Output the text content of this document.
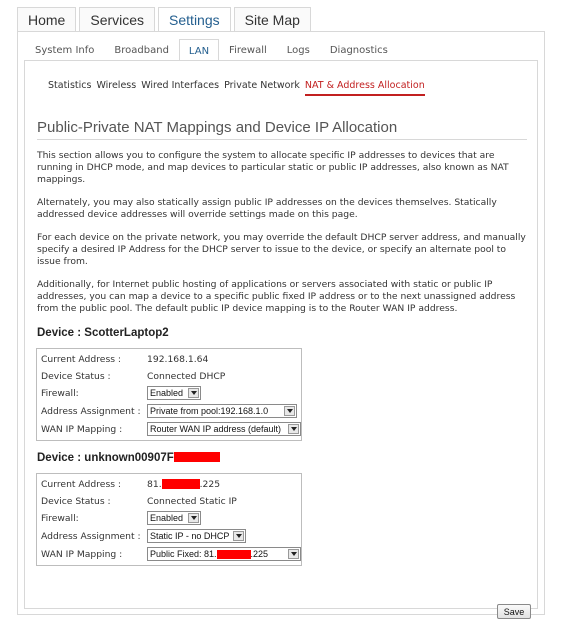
Home	Services	Settings	Site Map
System Info	Broadband	LAN	Firewall	Logs	Diagnostics
Statistics Wireless Wired Interfaces Private Network NAT & Address Allocation
Public-Private NAT Mappings and Device IP Allocation

This section allows you to configure the system to allocate specific IP addresses to devices that are running in DHCP mode, and map devices to particular static or public IP addresses, also known as NAT mappings.

Alternately, you may also statically assign public IP addresses on the devices themselves. Statically addressed device addresses will override settings made on this page.

For each device on the private network, you may override the default DHCP server address, and manually specify a desired IP Address for the DHCP server to issue to the device, or specify an alternate pool to issue from.

Additionally, for Internet public hosting of applications or servers associated with static or public IP addresses, you can map a device to a specific public fixed IP address or to the next unassigned address from the public pool. The default public IP device mapping is to the Router WAN IP address.

Device : ScotterLaptop2
Current Address :	192.168.1.64
Device Status :	Connected DHCP
Firewall:	Enabled
Address Assignment : Private from pool:192.168.1.0
WAN IP Mapping :	Router WAN IP address (default)
Device : unknown00907F
Current Address :	81.	.225
Device Status :	Connected Static IP
Firewall:	Enabled
Address Assignment : Static IP - no DHCP
WAN IP Mapping :	Public Fixed: 81.	.225
Save
